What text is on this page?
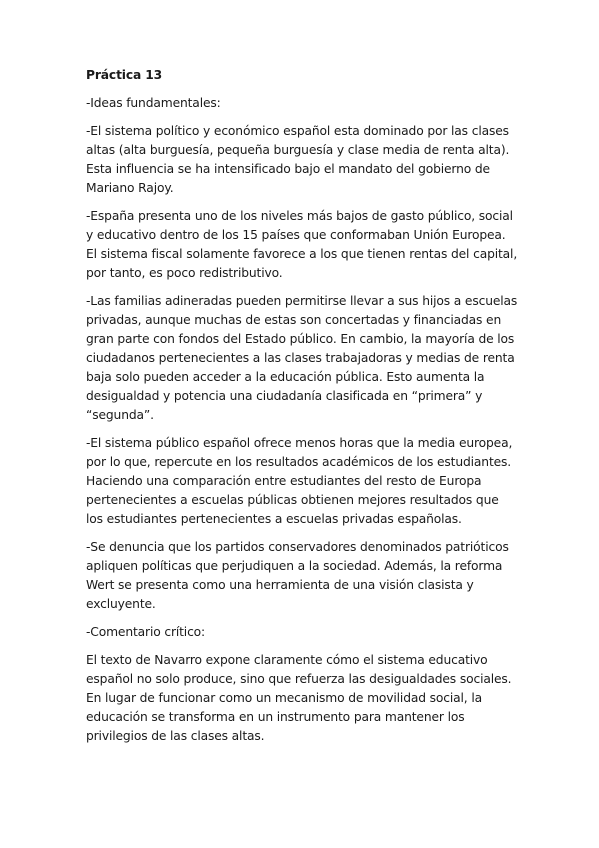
Práctica 13

-Ideas fundamentales:

-El sistema político y económico español esta dominado por las clases altas (alta burguesía, pequeña burguesía y clase media de renta alta). Esta influencia se ha intensificado bajo el mandato del gobierno de Mariano Rajoy.

-España presenta uno de los niveles más bajos de gasto público, social y educativo dentro de los 15 países que conformaban Unión Europea. El sistema fiscal solamente favorece a los que tienen rentas del capital, por tanto, es poco redistributivo.

-Las familias adineradas pueden permitirse llevar a sus hijos a escuelas privadas, aunque muchas de estas son concertadas y financiadas en gran parte con fondos del Estado público. En cambio, la mayoría de los ciudadanos pertenecientes a las clases trabajadoras y medias de renta baja solo pueden acceder a la educación pública. Esto aumenta la desigualdad y potencia una ciudadanía clasificada en “primera” y “segunda”.

-El sistema público español ofrece menos horas que la media europea, por lo que, repercute en los resultados académicos de los estudiantes. Haciendo una comparación entre estudiantes del resto de Europa pertenecientes a escuelas públicas obtienen mejores resultados que los estudiantes pertenecientes a escuelas privadas españolas.

-Se denuncia que los partidos conservadores denominados patrióticos apliquen políticas que perjudiquen a la sociedad. Además, la reforma Wert se presenta como una herramienta de una visión clasista y excluyente.

-Comentario crítico:

El texto de Navarro expone claramente cómo el sistema educativo español no solo produce, sino que refuerza las desigualdades sociales. En lugar de funcionar como un mecanismo de movilidad social, la educación se transforma en un instrumento para mantener los privilegios de las clases altas.
